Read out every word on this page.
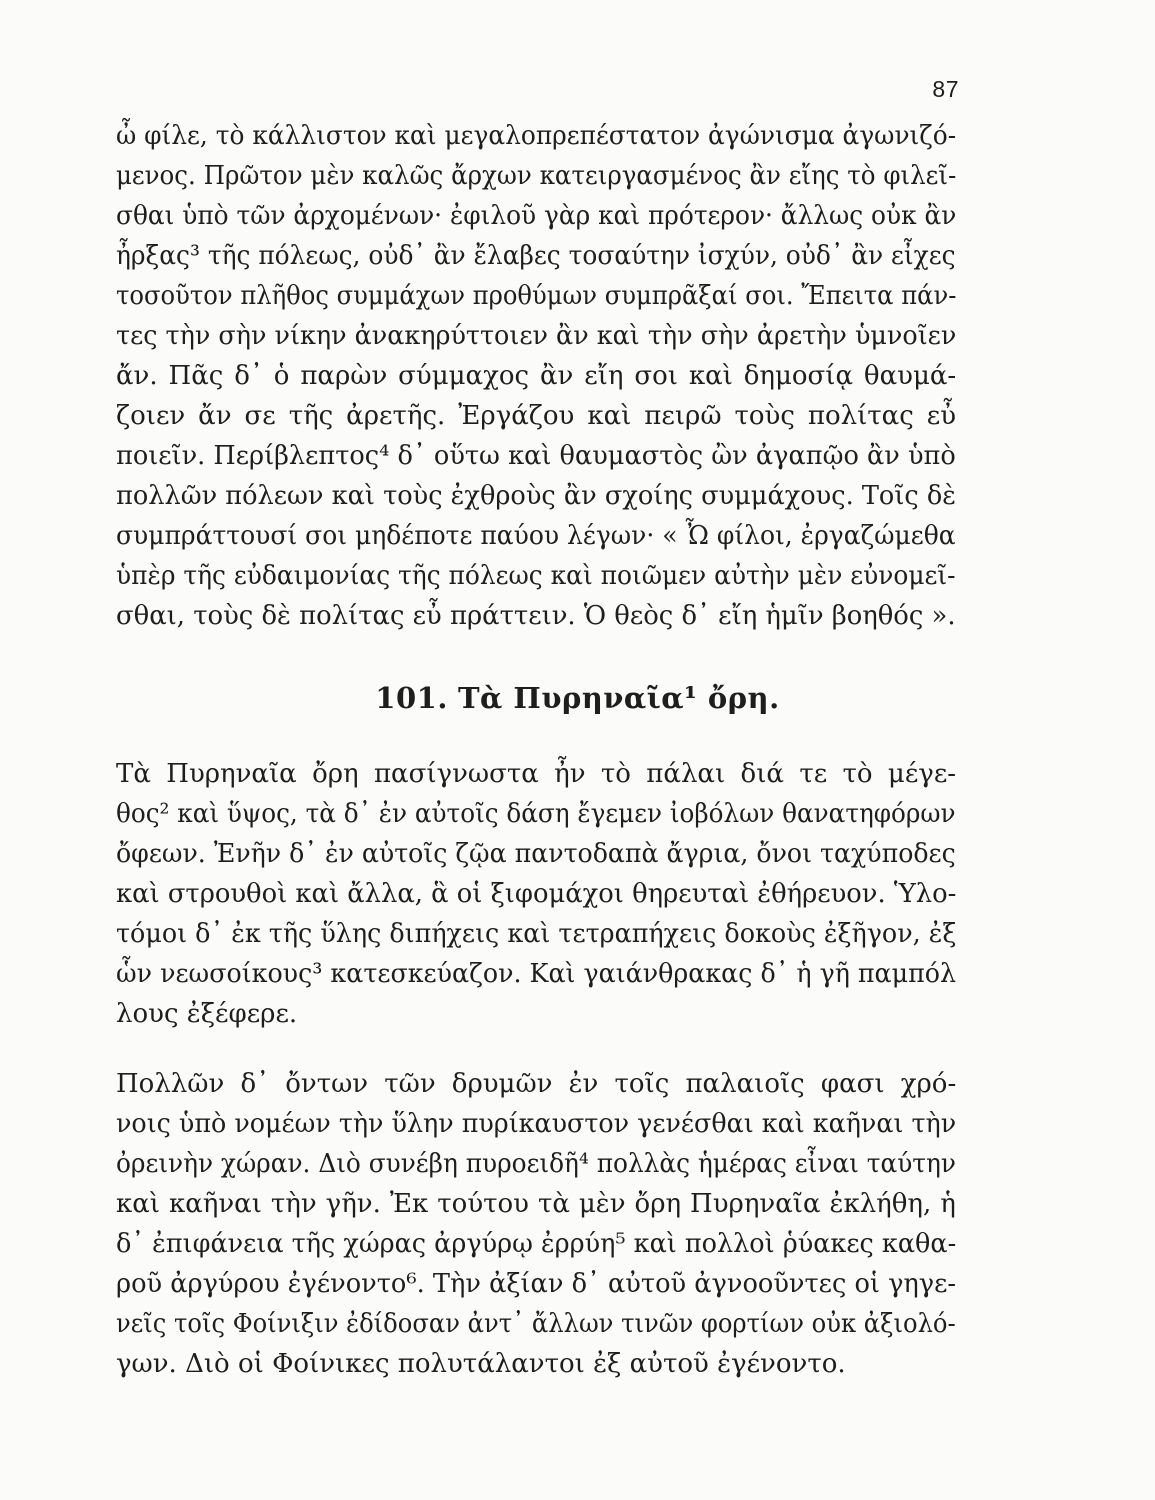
87
ὦ φίλε, τὸ κάλλιστον καὶ μεγαλοπρεπέστατον ἀγώνισμα ἀγωνιζό-
μενος. Πρῶτον μὲν καλῶς ἄρχων κατειργασμένος ἂν εἴης τὸ φιλεῖ-
σθαι ὑπὸ τῶν ἀρχομένων· ἐφιλοῦ γὰρ καὶ πρότερον· ἄλλως οὐκ ἂν
ἦρξας³ τῆς πόλεως, οὐδ᾽ ἂν ἔλαβες τοσαύτην ἰσχύν, οὐδ᾽ ἂν εἶχες
τοσοῦτον πλῆθος συμμάχων προθύμων συμπρᾶξαί σοι. Ἔπειτα πάν-
τες τὴν σὴν νίκην ἀνακηρύττοιεν ἂν καὶ τὴν σὴν ἀρετὴν ὑμνοῖεν
ἄν. Πᾶς δ᾽ ὁ παρὼν σύμμαχος ἂν εἴη σοι καὶ δημοσίᾳ θαυμά-
ζοιεν ἄν σε τῆς ἀρετῆς. Ἐργάζου καὶ πειρῶ τοὺς πολίτας εὖ
ποιεῖν. Περίβλεπτος⁴ δ᾽ οὕτω καὶ θαυμαστὸς ὢν ἀγαπῷο ἂν ὑπὸ
πολλῶν πόλεων καὶ τοὺς ἐχθροὺς ἂν σχοίης συμμάχους. Τοῖς δὲ
συμπράττουσί σοι μηδέποτε παύου λέγων· « Ὦ φίλοι, ἐργαζώμεθα
ὑπὲρ τῆς εὐδαιμονίας τῆς πόλεως καὶ ποιῶμεν αὐτὴν μὲν εὐνομεῖ-
σθαι, τοὺς δὲ πολίτας εὖ πράττειν. Ὁ θεὸς δ᾽ εἴη ἡμῖν βοηθός ».
101. Τὰ Πυρηναῖα¹ ὄρη.
Τὰ Πυρηναῖα ὄρη πασίγνωστα ἦν τὸ πάλαι διά τε τὸ μέγε-
θος² καὶ ὕψος, τὰ δ᾽ ἐν αὐτοῖς δάση ἔγεμεν ἰοβόλων θανατηφόρων
ὄφεων. Ἐνῆν δ᾽ ἐν αὐτοῖς ζῷα παντοδαπὰ ἄγρια, ὄνοι ταχύποδες
καὶ στρουθοὶ καὶ ἄλλα, ἃ οἱ ξιφομάχοι θηρευταὶ ἐθήρευον. Ὑλο-
τόμοι δ᾽ ἐκ τῆς ὕλης διπήχεις καὶ τετραπήχεις δοκοὺς ἐξῆγον, ἐξ
ὧν νεωσοίκους³ κατεσκεύαζον. Καὶ γαιάνθρακας δ᾽ ἡ γῆ παμπόλ
λους ἐξέφερε.
Πολλῶν δ᾽ ὄντων τῶν δρυμῶν ἐν τοῖς παλαιοῖς φασι χρό-
νοις ὑπὸ νομέων τὴν ὕλην πυρίκαυστον γενέσθαι καὶ καῆναι τὴν
ὀρεινὴν χώραν. Διὸ συνέβη πυροειδῆ⁴ πολλὰς ἡμέρας εἶναι ταύτην
καὶ καῆναι τὴν γῆν. Ἐκ τούτου τὰ μὲν ὄρη Πυρηναῖα ἐκλήθη, ἡ
δ᾽ ἐπιφάνεια τῆς χώρας ἀργύρῳ ἐρρύη⁵ καὶ πολλοὶ ῥύακες καθα-
ροῦ ἀργύρου ἐγένοντο⁶. Τὴν ἀξίαν δ᾽ αὐτοῦ ἀγνοοῦντες οἱ γηγε-
νεῖς τοῖς Φοίνιξιν ἐδίδοσαν ἀντ᾽ ἄλλων τινῶν φορτίων οὐκ ἀξιολό-
γων. Διὸ οἱ Φοίνικες πολυτάλαντοι ἐξ αὐτοῦ ἐγένοντο.
